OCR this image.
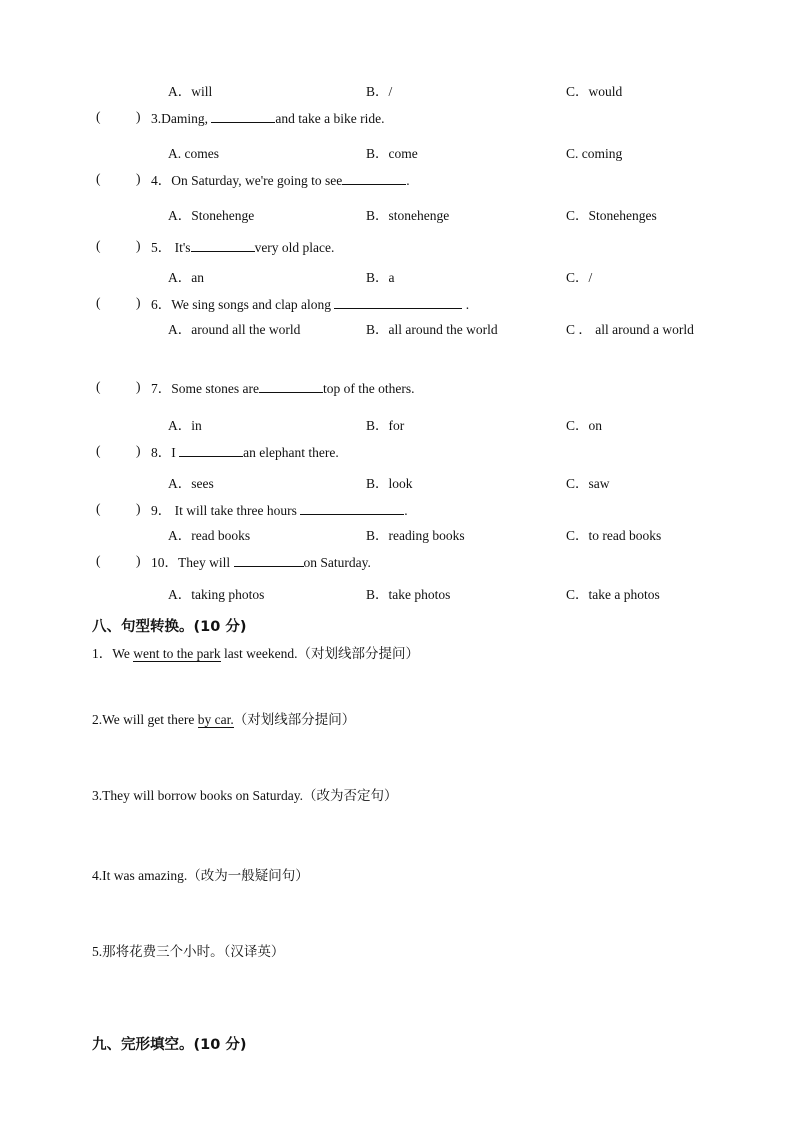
A．will	B．/	C．would
(	) 3.Daming,	and take a bike ride.
A. comes	B．come	C. coming
(	) 4．On Saturday, we're going to see	.
A．Stonehenge	B．stonehenge	C．Stonehenges
(	) 5． It's	very old place.
A．an	B．a	C．/
(	) 6．We sing songs and clap along	.
A．around all the world	B．all around the world	C ． all around a world
(	) 7．Some stones are	top of the others.
A．in	B．for	C．on
(	) 8．I	an elephant there.
A．sees	B．look	C．saw
(	) 9． It will take three hours	.
A．read books	B．reading books	C．to read books
(	) 10．They will	on Saturday.
A．taking photos	B．take photos	C．take a photos
八、句型转换。(10 分)
1．We went to the park last weekend.（对划线部分提问）
2.We will get there by car.（对划线部分提问）
3.They will borrow books on Saturday.（改为否定句）
4.It was amazing.（改为一般疑问句）
5.那将花费三个小时。（汉译英）
九、完形填空。(10 分)
